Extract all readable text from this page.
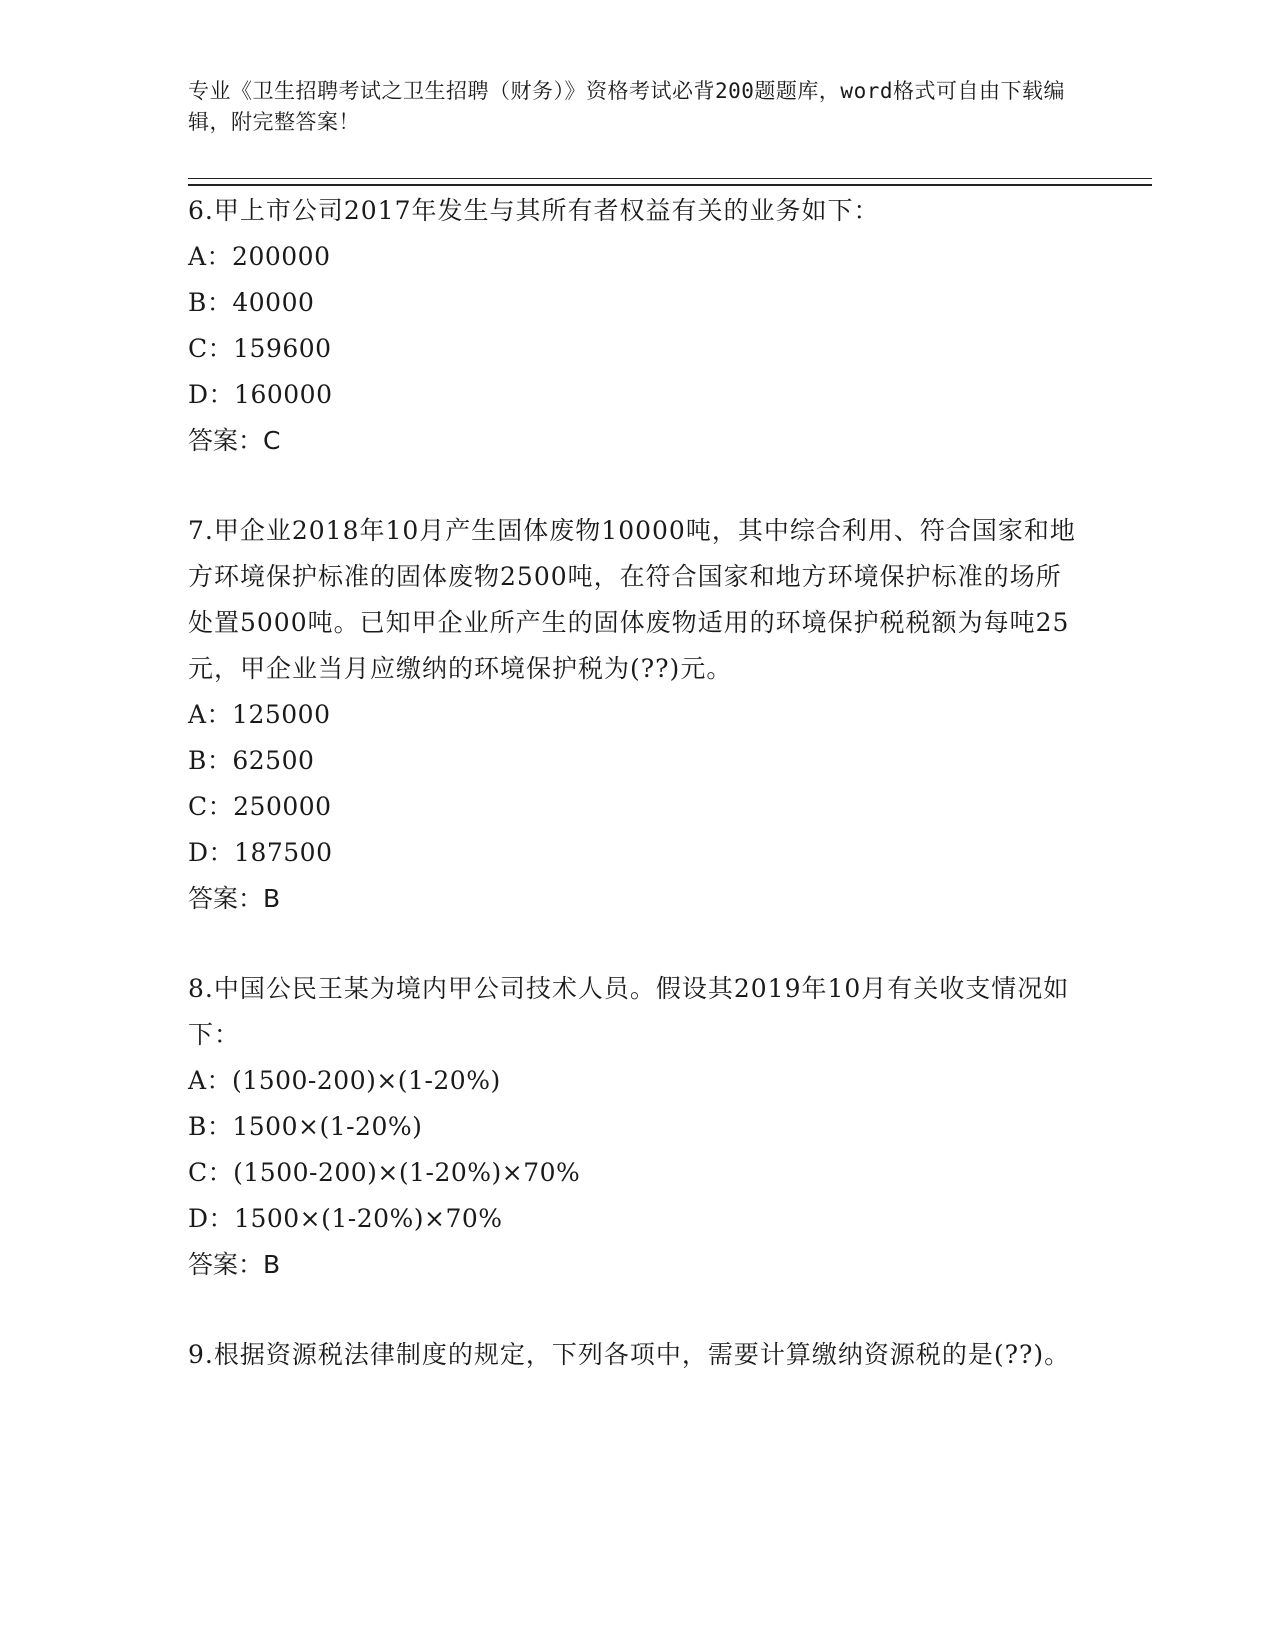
专业《卫生招聘考试之卫生招聘（财务）》资格考试必背200题题库，word格式可自由下载编辑，附完整答案！

6.甲上市公司2017年发生与其所有者权益有关的业务如下：

A：200000

B：40000

C：159600

D：160000

答案：C

7.甲企业2018年10月产生固体废物10000吨，其中综合利用、符合国家和地方环境保护标准的固体废物2500吨，在符合国家和地方环境保护标准的场所处置5000吨。已知甲企业所产生的固体废物适用的环境保护税税额为每吨25元，甲企业当月应缴纳的环境保护税为(??)元。

A：125000

B：62500

C：250000

D：187500

答案：B

8.中国公民王某为境内甲公司技术人员。假设其2019年10月有关收支情况如下：

A：(1500-200)×(1-20%)

B：1500×(1-20%)

C：(1500-200)×(1-20%)×70%

D：1500×(1-20%)×70%

答案：B

9.根据资源税法律制度的规定，下列各项中，需要计算缴纳资源税的是(??)。
